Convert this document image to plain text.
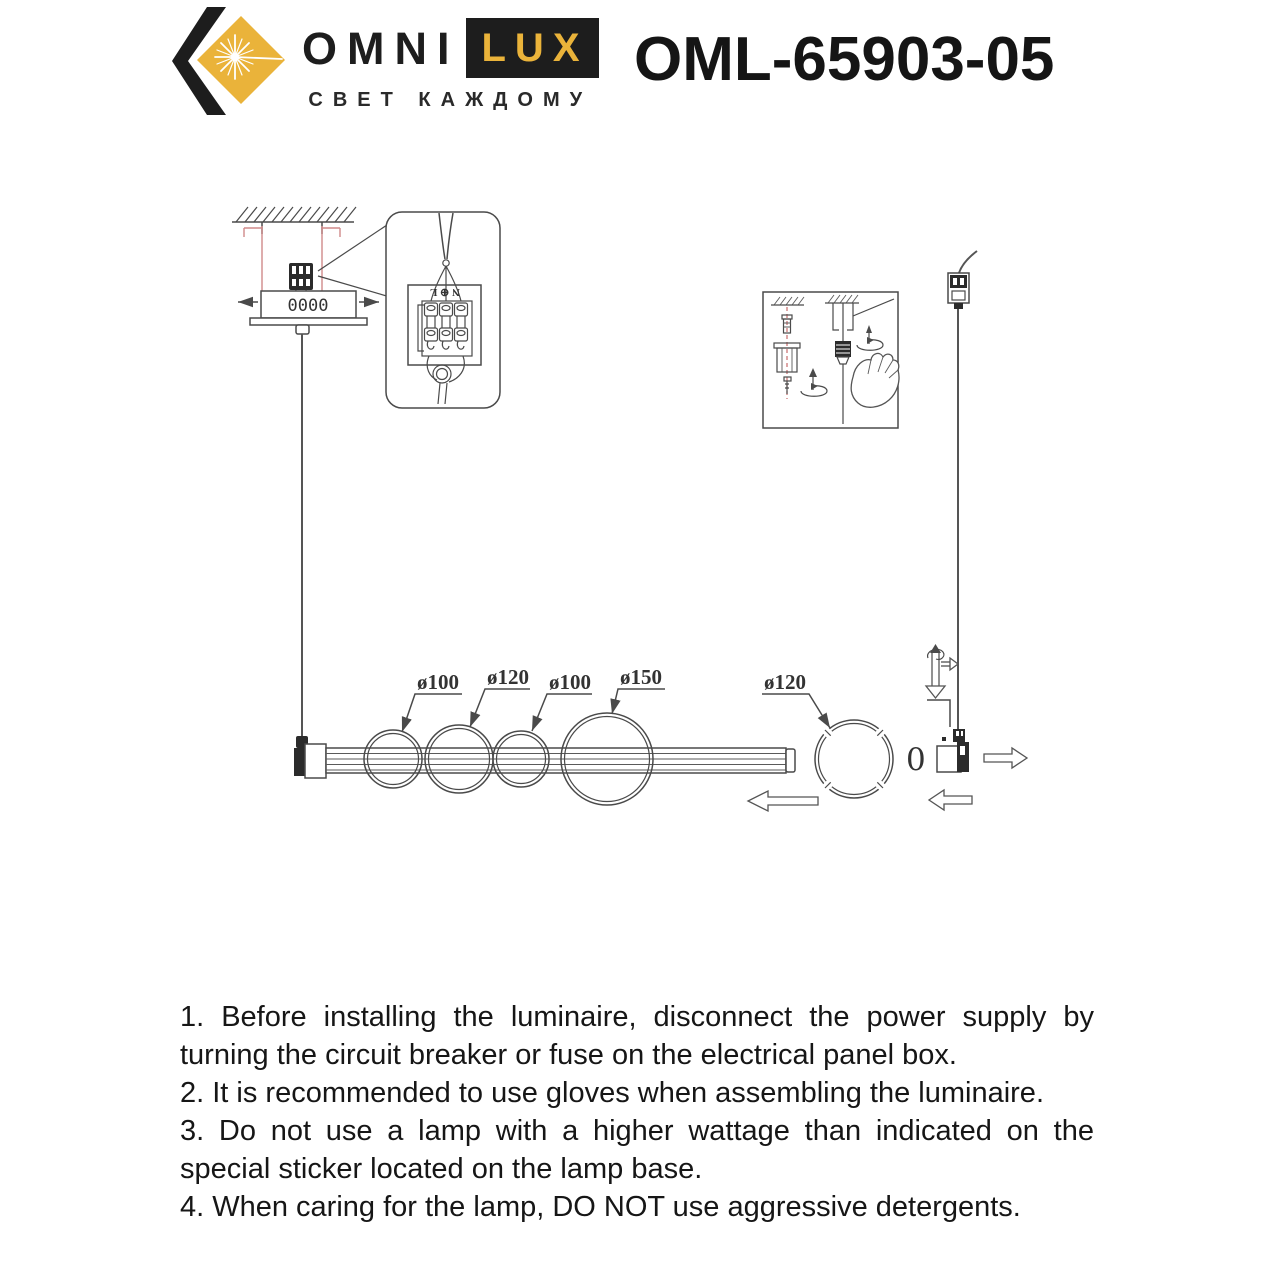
OMNI LUX
СВЕТ КАЖДОМУ
OML-65903-05
0000
N ⊕ L
0
ø100 ø120 ø100 ø150	ø120

1. Before installing the luminaire, disconnect the power supply by turning the circuit breaker or fuse on the electrical panel box.

2. It is recommended to use gloves when assembling the luminaire.

3. Do not use a lamp with a higher wattage than indicated on the special sticker located on the lamp base.

4. When caring for the lamp, DO NOT use aggressive detergents.
